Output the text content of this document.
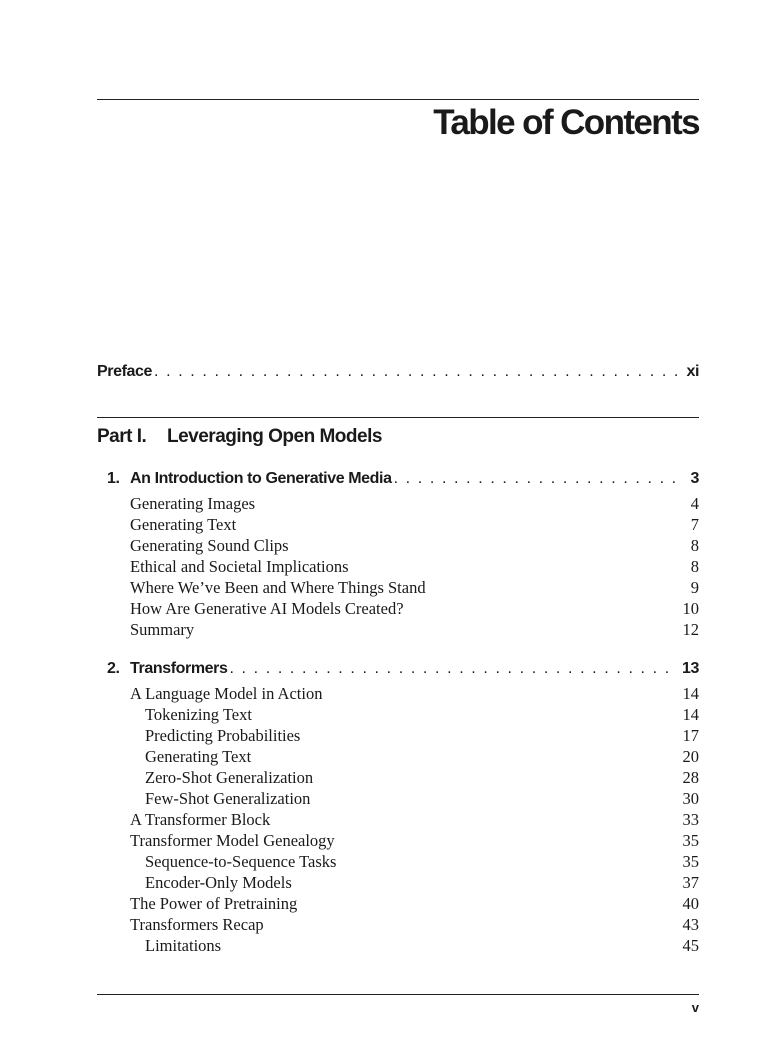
Table of Contents
Preface . . .	xi
Part I. Leveraging Open Models
1. An Introduction to Generative Media . . .	3
Generating Images	4
Generating Text	7
Generating Sound Clips	8
Ethical and Societal Implications	8
Where We’ve Been and Where Things Stand	9
How Are Generative AI Models Created?	10
Summary	12
2. Transformers . . .	13
A Language Model in Action	14
Tokenizing Text	14
Predicting Probabilities	17
Generating Text	20
Zero-Shot Generalization	28
Few-Shot Generalization	30
A Transformer Block	33
Transformer Model Genealogy	35
Sequence-to-Sequence Tasks	35
Encoder-Only Models	37
The Power of Pretraining	40
Transformers Recap	43
Limitations	45
v
